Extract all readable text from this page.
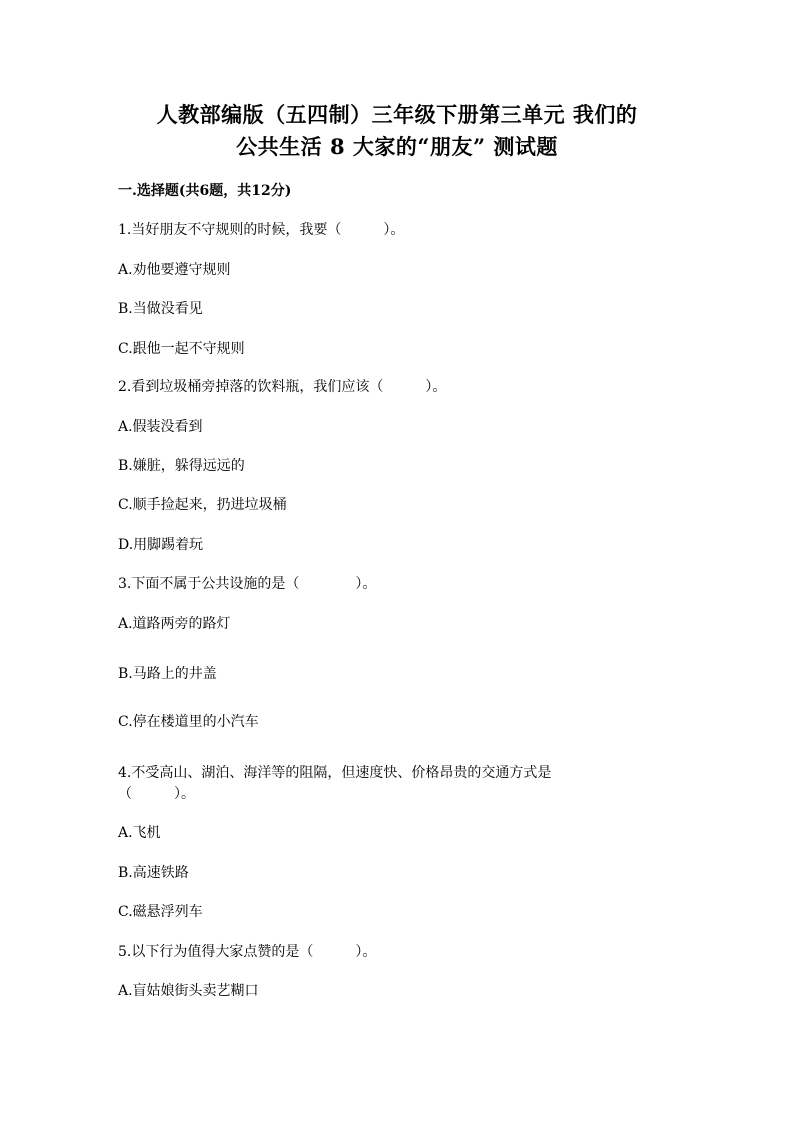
人教部编版（五四制）三年级下册第三单元 我们的
公共生活 8 大家的“朋友” 测试题
一.选择题(共6题，共12分)
1.当好朋友不守规则的时候，我要（　　　）。
A.劝他要遵守规则
B.当做没看见
C.跟他一起不守规则
2.看到垃圾桶旁掉落的饮料瓶，我们应该（　　　）。
A.假装没看到
B.嫌脏，躲得远远的
C.顺手捡起来，扔进垃圾桶
D.用脚踢着玩
3.下面不属于公共设施的是（　　　　）。
A.道路两旁的路灯
B.马路上的井盖
C.停在楼道里的小汽车
4.不受高山、湖泊、海洋等的阻隔，但速度快、价格昂贵的交通方式是
（　　　）。
A.飞机
B.高速铁路
C.磁悬浮列车
5.以下行为值得大家点赞的是（　　　）。
A.盲姑娘街头卖艺糊口
